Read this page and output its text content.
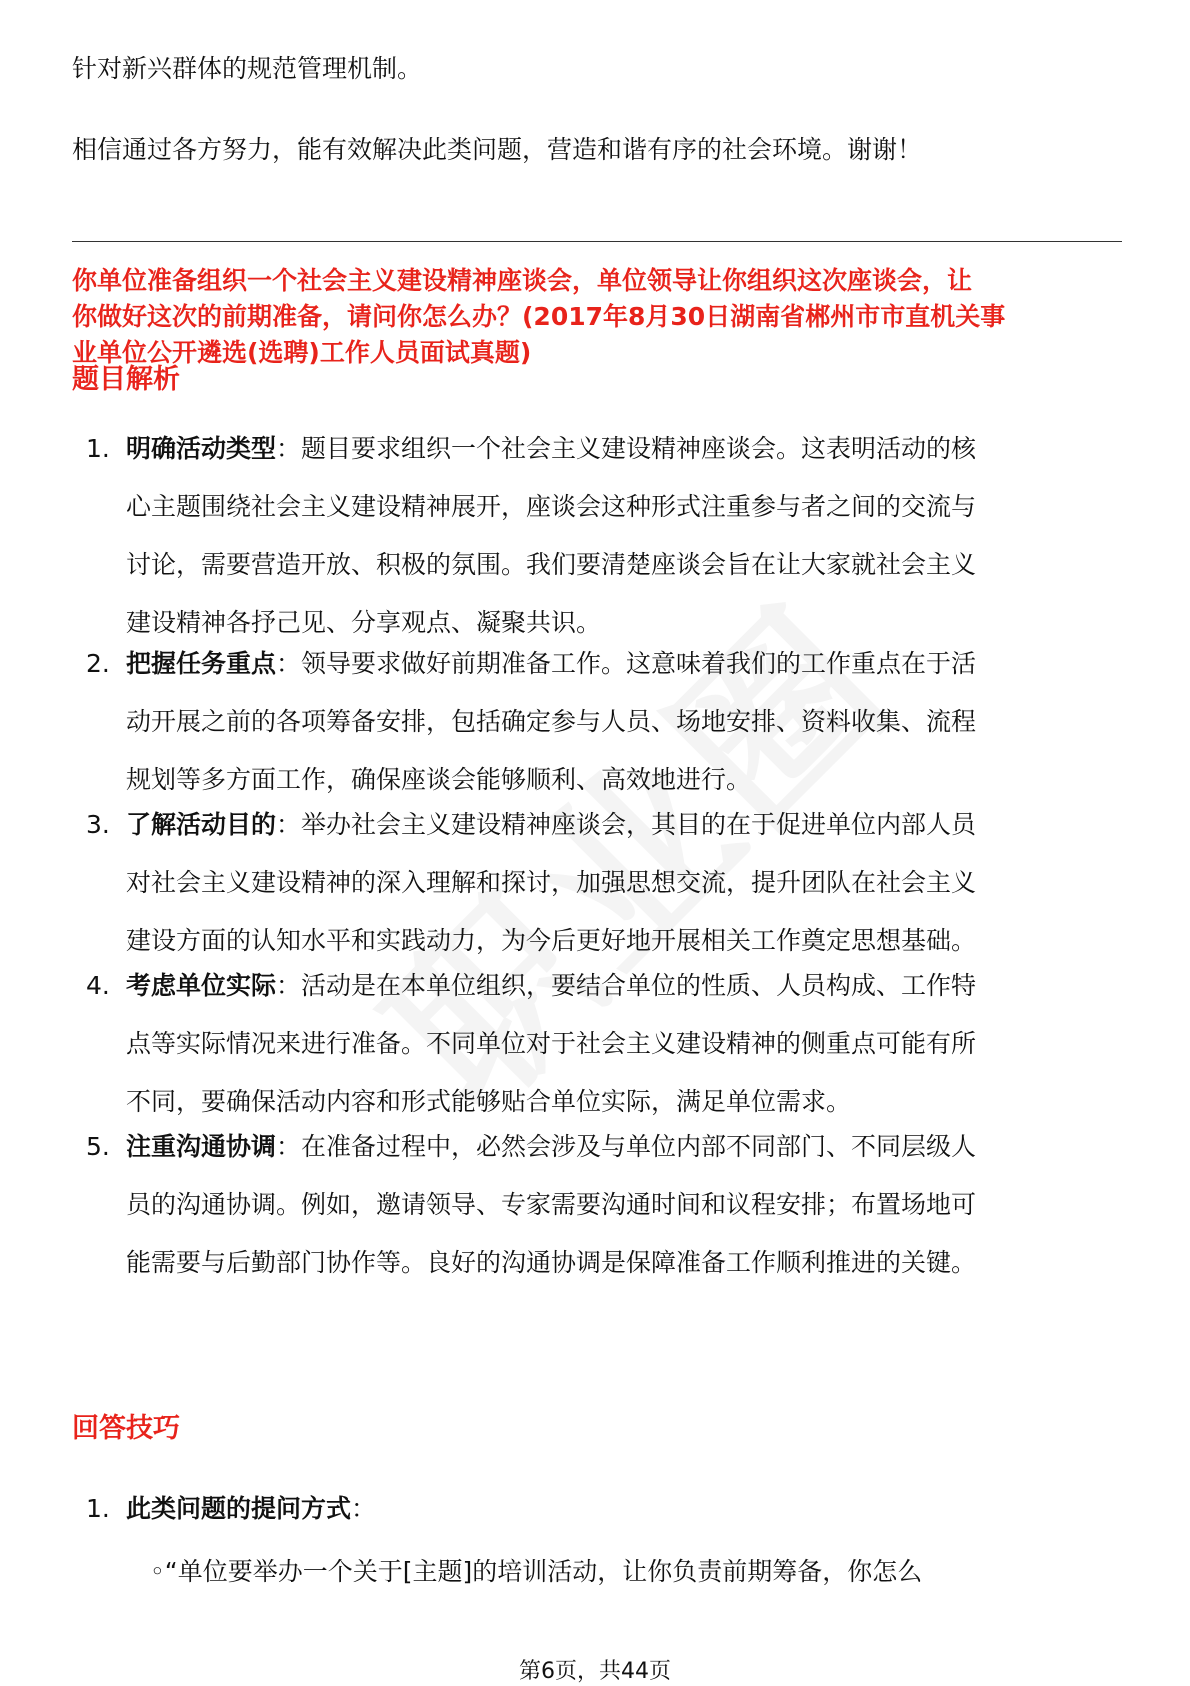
针对新兴群体的规范管理机制。
相信通过各方努力，能有效解决此类问题，营造和谐有序的社会环境。谢谢！
你单位准备组织一个社会主义建设精神座谈会，单位领导让你组织这次座谈会，让
你做好这次的前期准备，请问你怎么办？(2017年8月30日湖南省郴州市市直机关事
业单位公开遴选(选聘)工作人员面试真题)
题目解析
1. 明确活动类型：题目要求组织一个社会主义建设精神座谈会。这表明活动的核
心主题围绕社会主义建设精神展开，座谈会这种形式注重参与者之间的交流与
讨论，需要营造开放、积极的氛围。我们要清楚座谈会旨在让大家就社会主义
建设精神各抒己见、分享观点、凝聚共识。
2. 把握任务重点：领导要求做好前期准备工作。这意味着我们的工作重点在于活
动开展之前的各项筹备安排，包括确定参与人员、场地安排、资料收集、流程
规划等多方面工作，确保座谈会能够顺利、高效地进行。
3. 了解活动目的：举办社会主义建设精神座谈会，其目的在于促进单位内部人员
对社会主义建设精神的深入理解和探讨，加强思想交流，提升团队在社会主义
建设方面的认知水平和实践动力，为今后更好地开展相关工作奠定思想基础。
4. 考虑单位实际：活动是在本单位组织，要结合单位的性质、人员构成、工作特
点等实际情况来进行准备。不同单位对于社会主义建设精神的侧重点可能有所
不同，要确保活动内容和形式能够贴合单位实际，满足单位需求。
5. 注重沟通协调：在准备过程中，必然会涉及与单位内部不同部门、不同层级人
员的沟通协调。例如，邀请领导、专家需要沟通时间和议程安排；布置场地可
能需要与后勤部门协作等。良好的沟通协调是保障准备工作顺利推进的关键。
回答技巧
1. 此类问题的提问方式：
◦“单位要举办一个关于[主题]的培训活动，让你负责前期筹备，你怎么
第6页，共44页
